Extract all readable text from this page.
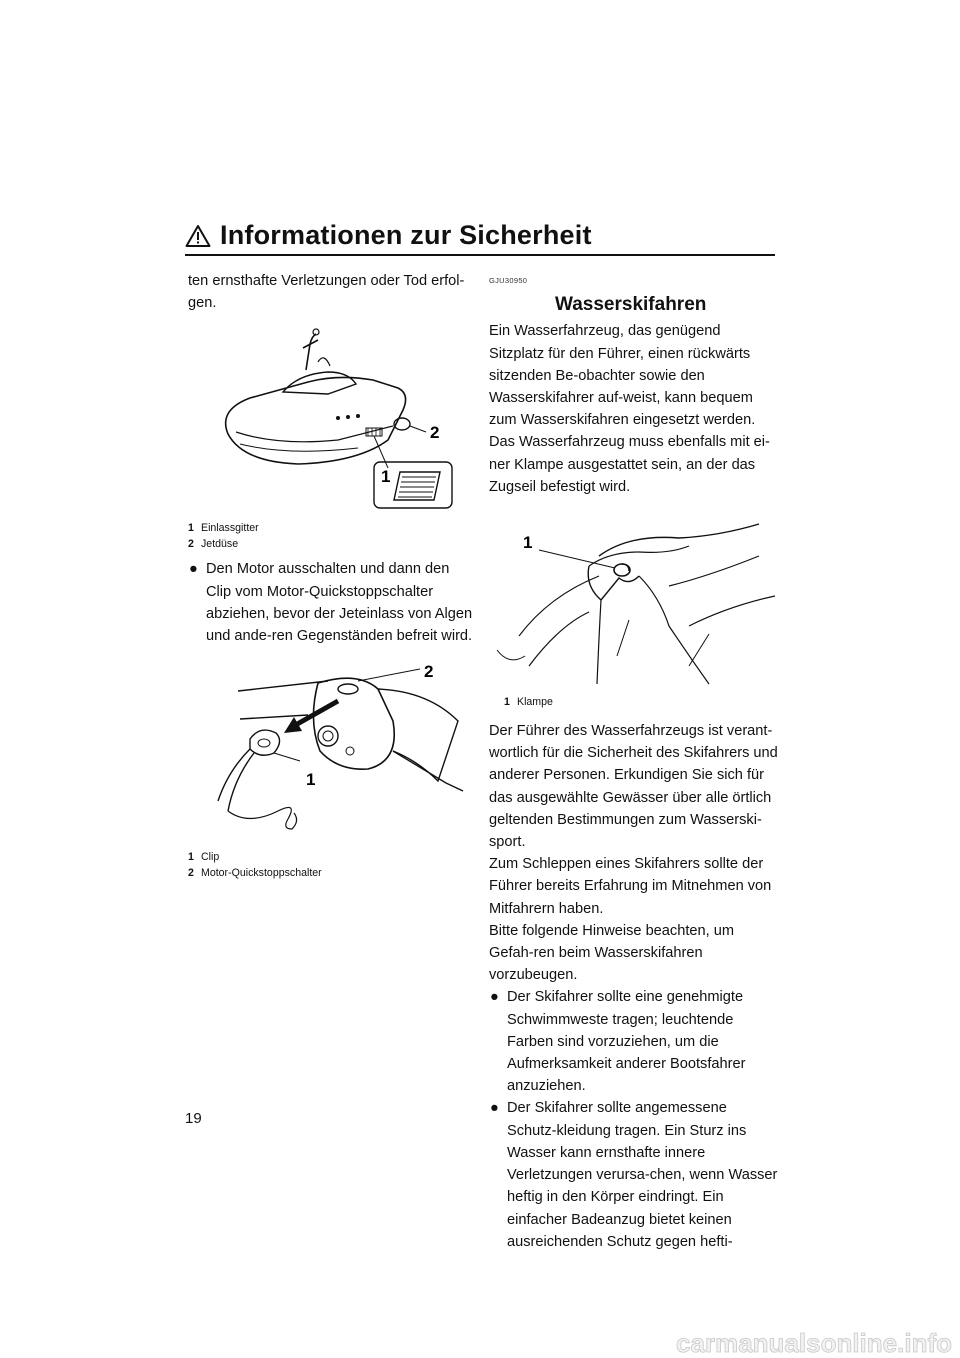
Informationen zur Sicherheit

ten ernsthafte Verletzungen oder Tod erfol-gen.

2
1
1 Einlassgitter
2 Jetdüse

● Den Motor ausschalten und dann den Clip vom Motor-Quickstoppschalter abziehen, bevor der Jeteinlass von Algen und ande-ren Gegenständen befreit wird.

2
1
1 Clip
2 Motor-Quickstoppschalter
GJU30950
Wasserskifahren

Ein Wasserfahrzeug, das genügend Sitzplatz für den Führer, einen rückwärts sitzenden Be-obachter sowie den Wasserskifahrer auf-weist, kann bequem zum Wasserskifahren eingesetzt werden.

Das Wasserfahrzeug muss ebenfalls mit ei-ner Klampe ausgestattet sein, an der das Zugseil befestigt wird.

1
1 Klampe

Der Führer des Wasserfahrzeugs ist verant-wortlich für die Sicherheit des Skifahrers und anderer Personen. Erkundigen Sie sich für das ausgewählte Gewässer über alle örtlich geltenden Bestimmungen zum Wasserski-sport.

Zum Schleppen eines Skifahrers sollte der Führer bereits Erfahrung im Mitnehmen von Mitfahrern haben.

Bitte folgende Hinweise beachten, um Gefah-ren beim Wasserskifahren vorzubeugen.

● Der Skifahrer sollte eine genehmigte Schwimmweste tragen; leuchtende Farben sind vorzuziehen, um die Aufmerksamkeit anderer Bootsfahrer anzuziehen.

● Der Skifahrer sollte angemessene Schutz-kleidung tragen. Ein Sturz ins Wasser kann ernsthafte innere Verletzungen verursa-chen, wenn Wasser heftig in den Körper eindringt. Ein einfacher Badeanzug bietet keinen ausreichenden Schutz gegen hefti-

19
carmanualsonline.info
